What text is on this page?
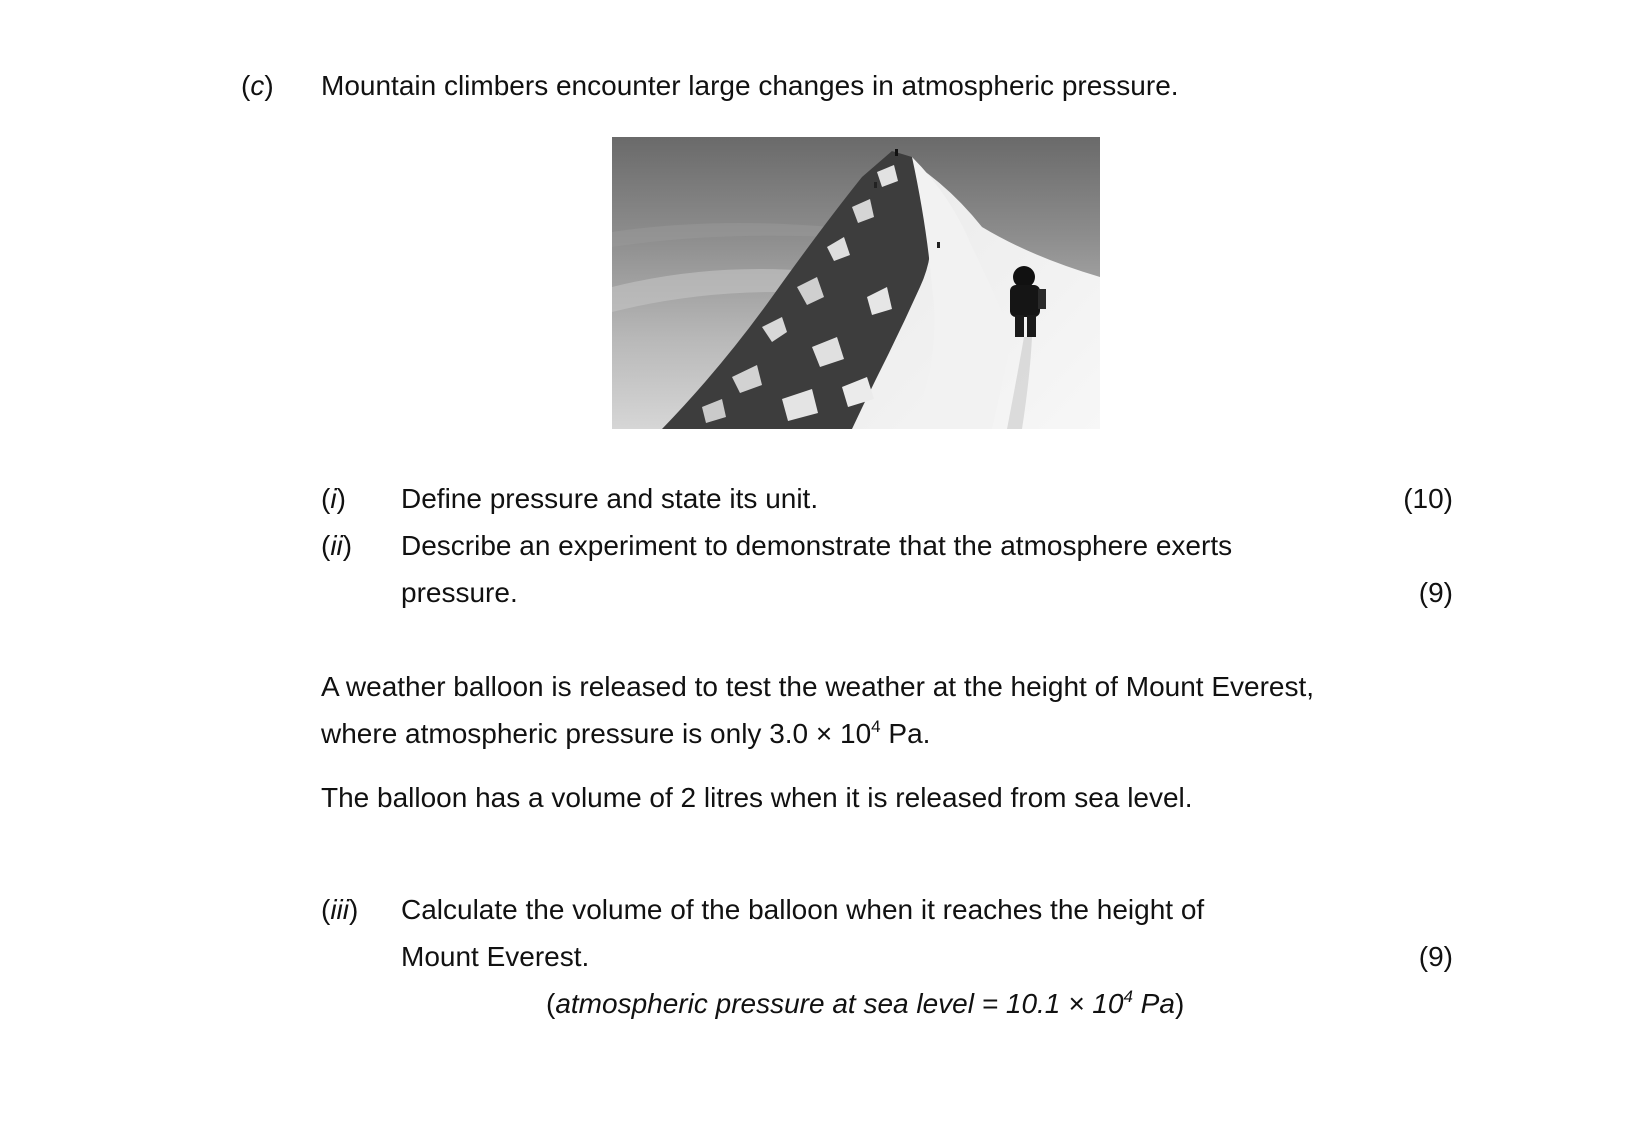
(c) Mountain climbers encounter large changes in atmospheric pressure.
(i) Define pressure and state its unit.	(10)
(ii) Describe an experiment to demonstrate that the atmosphere exerts
pressure.	(9)
A weather balloon is released to test the weather at the height of Mount Everest,
where atmospheric pressure is only $3.0 \times 10^4$ Pa.
The balloon has a volume of 2 litres when it is released from sea level.
(iii) Calculate the volume of the balloon when it reaches the height of
Mount Everest.	(9)
(atmospheric pressure at sea level = $10.1 \times 10^4$ Pa)
